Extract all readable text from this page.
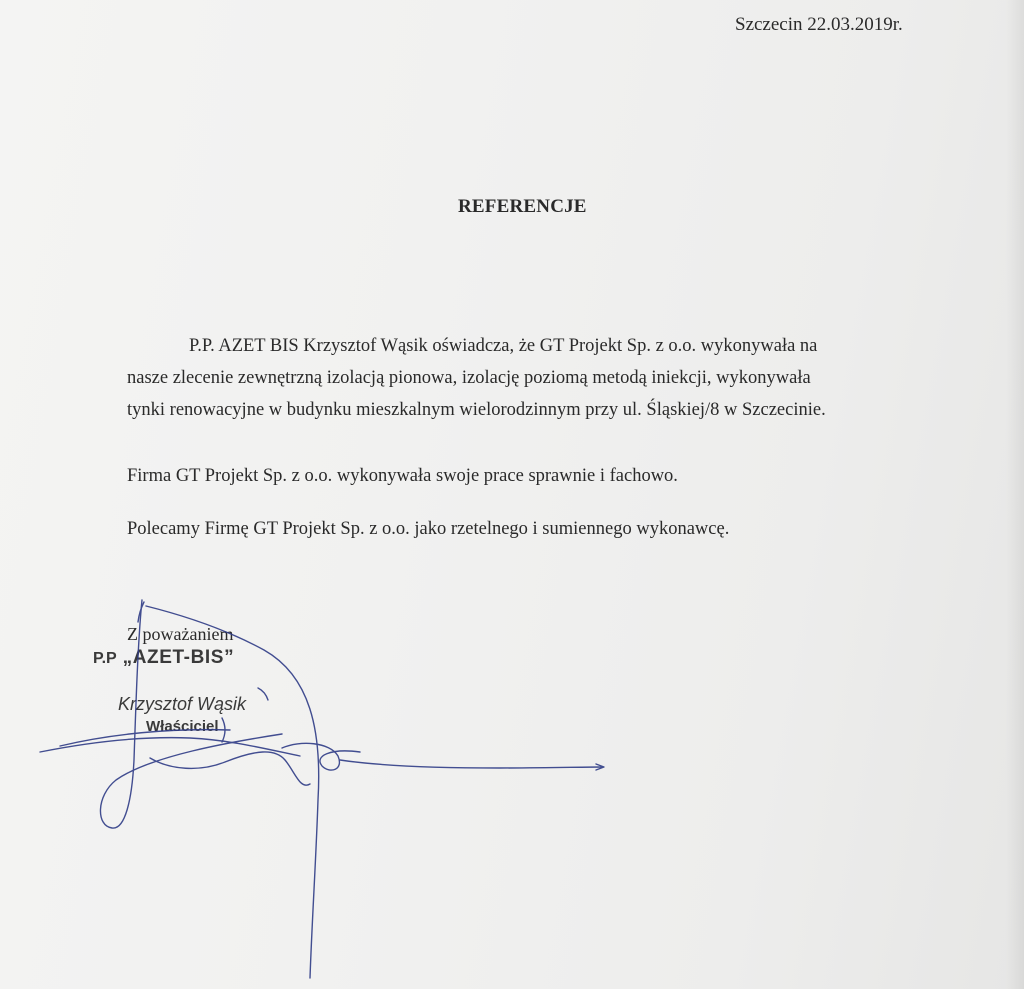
Szczecin 22.03.2019r.
REFERENCJE
P.P. AZET BIS Krzysztof Wąsik oświadcza, że GT Projekt Sp. z o.o. wykonywała na
nasze zlecenie zewnętrzną izolacją pionowa, izolację poziomą metodą iniekcji, wykonywała
tynki renowacyjne w budynku mieszkalnym wielorodzinnym przy ul. Śląskiej/8 w Szczecinie.
Firma GT Projekt Sp. z o.o. wykonywała swoje prace sprawnie i fachowo.
Polecamy Firmę GT Projekt Sp. z o.o. jako rzetelnego i sumiennego wykonawcę.
Z poważaniem
P.P „AZET-BIS”
Krzysztof Wąsik
Właściciel
